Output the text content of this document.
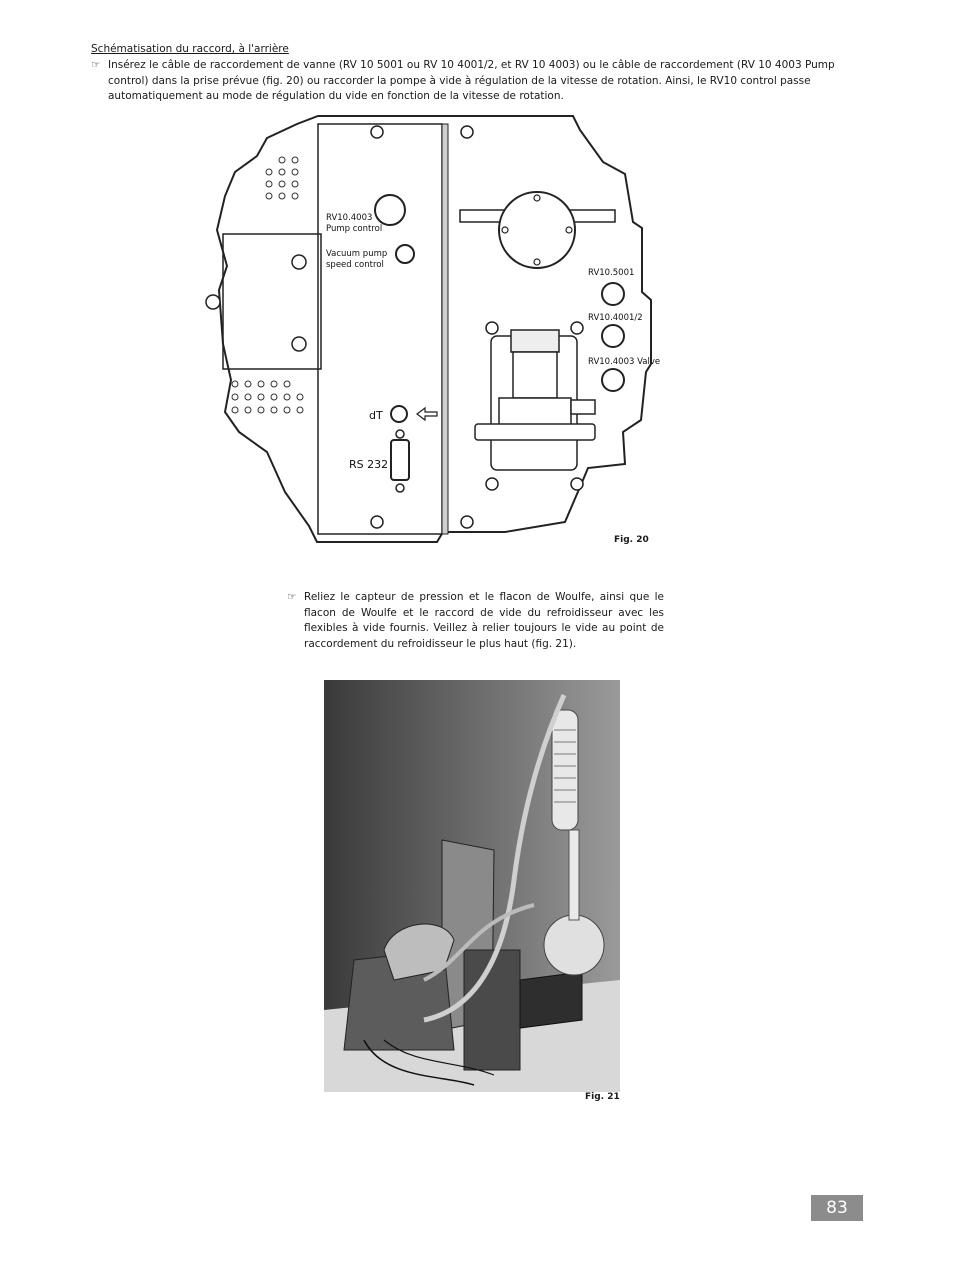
Schématisation du raccord, à l'arrière
☞ Insérez le câble de raccordement de vanne (RV 10 5001 ou RV 10 4001/2, et RV 10 4003) ou le câble de raccordement (RV 10 4003 Pump control) dans la prise prévue (fig. 20) ou raccorder la pompe à vide à régulation de la vitesse de rotation. Ainsi, le RV10 control passe automatiquement au mode de régulation du vide en fonction de la vitesse de rotation.
RV10.4003
Pump control
Vacuum pump
speed control
RV10.5001
RV10.4001/2
RV10.4003 Valve
dT
RS 232
Fig. 20
☞ Reliez le capteur de pression et le flacon de Woulfe, ainsi que le flacon de Woulfe et le raccord de vide du refroidisseur avec les flexibles à vide fournis. Veillez à relier toujours le vide au point de raccordement du refroidisseur le plus haut (fig. 21).
Fig. 21
83
